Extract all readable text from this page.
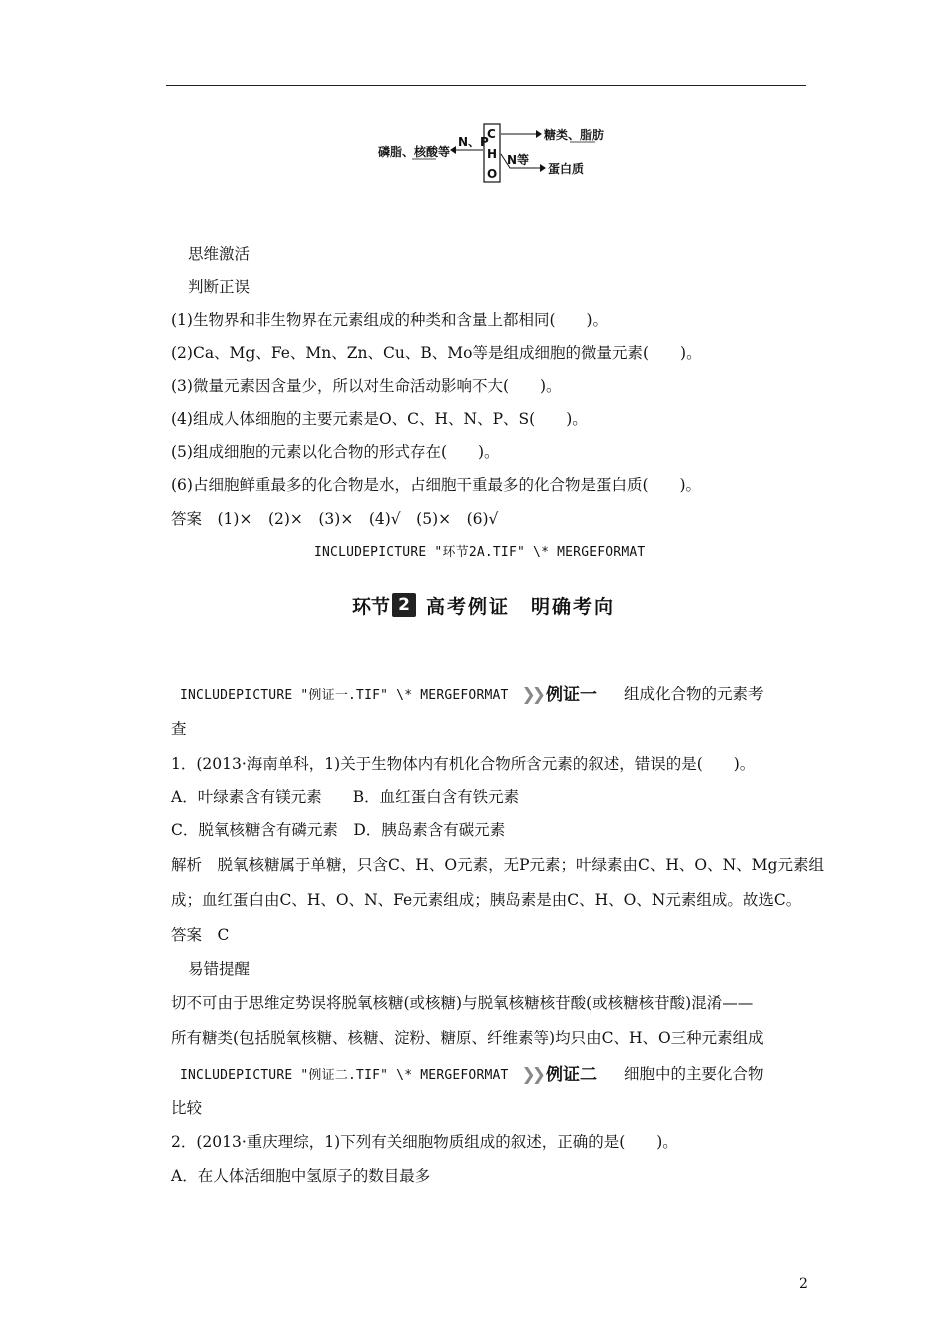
C
H
O
糖类、脂肪
N等
蛋白质
N、P
磷脂、核酸等
思维激活
判断正误
(1)生物界和非生物界在元素组成的种类和含量上都相同(　　)。
(2)Ca、Mg、Fe、Mn、Zn、Cu、B、Mo等是组成细胞的微量元素(　　)。
(3)微量元素因含量少，所以对生命活动影响不大(　　)。
(4)组成人体细胞的主要元素是O、C、H、N、P、S(　　)。
(5)组成细胞的元素以化合物的形式存在(　　)。
(6)占细胞鲜重最多的化合物是水，占细胞干重最多的化合物是蛋白质(　　)。
答案　(1)×　(2)×　(3)×　(4)√　(5)×　(6)√
INCLUDEPICTURE "环节2A.TIF" \* MERGEFORMAT
环节 2 高考例证　明确考向
INCLUDEPICTURE "例证一.TIF" \* MERGEFORMAT ❯❯ 例证一 组成化合物的元素考
查
1．(2013·海南单科，1)关于生物体内有机化合物所含元素的叙述，错误的是(　　)。
A．叶绿素含有镁元素　　B．血红蛋白含有铁元素
C．脱氧核糖含有磷元素　D．胰岛素含有碳元素
解析　脱氧核糖属于单糖，只含C、H、O元素，无P元素；叶绿素由C、H、O、N、Mg元素组
成；血红蛋白由C、H、O、N、Fe元素组成；胰岛素是由C、H、O、N元素组成。故选C。
答案　C
易错提醒
切不可由于思维定势误将脱氧核糖(或核糖)与脱氧核糖核苷酸(或核糖核苷酸)混淆——
所有糖类(包括脱氧核糖、核糖、淀粉、糖原、纤维素等)均只由C、H、O三种元素组成
INCLUDEPICTURE "例证二.TIF" \* MERGEFORMAT ❯❯ 例证二 细胞中的主要化合物
比较
2．(2013·重庆理综，1)下列有关细胞物质组成的叙述，正确的是(　　)。
A．在人体活细胞中氢原子的数目最多
2
